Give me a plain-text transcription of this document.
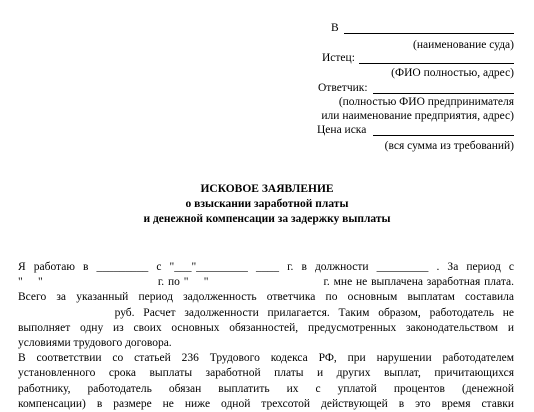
В
(наименование суда)
Истец:
(ФИО полностью, адрес)
Ответчик:
(полностью ФИО предпринимателя
или наименование предприятия, адрес)
Цена иска
(вся сумма из требований)
ИСКОВОЕ ЗАЯВЛЕНИЕ
о взыскании заработной платы
и денежной компенсации за задержку выплаты
Я работаю в _________ с "___"_________ ____ г. в должности _________ . За период с
"    "                              г. по "    "                              г. мне не выплачена заработная плата.
Всего за указанный период задолженность ответчика по основным выплатам составила
руб. Расчет задолженности прилагается. Таким образом, работодатель не
выполняет одну из своих основных обязанностей, предусмотренных законодательством и
условиями трудового договора.
В соответствии со статьей 236 Трудового кодекса РФ, при нарушении работодателем
установленного срока выплаты заработной платы и других выплат, причитающихся
работнику, работодатель обязан выплатить их с уплатой процентов (денежной
компенсации) в размере не ниже одной трехсотой действующей в это время ставки
